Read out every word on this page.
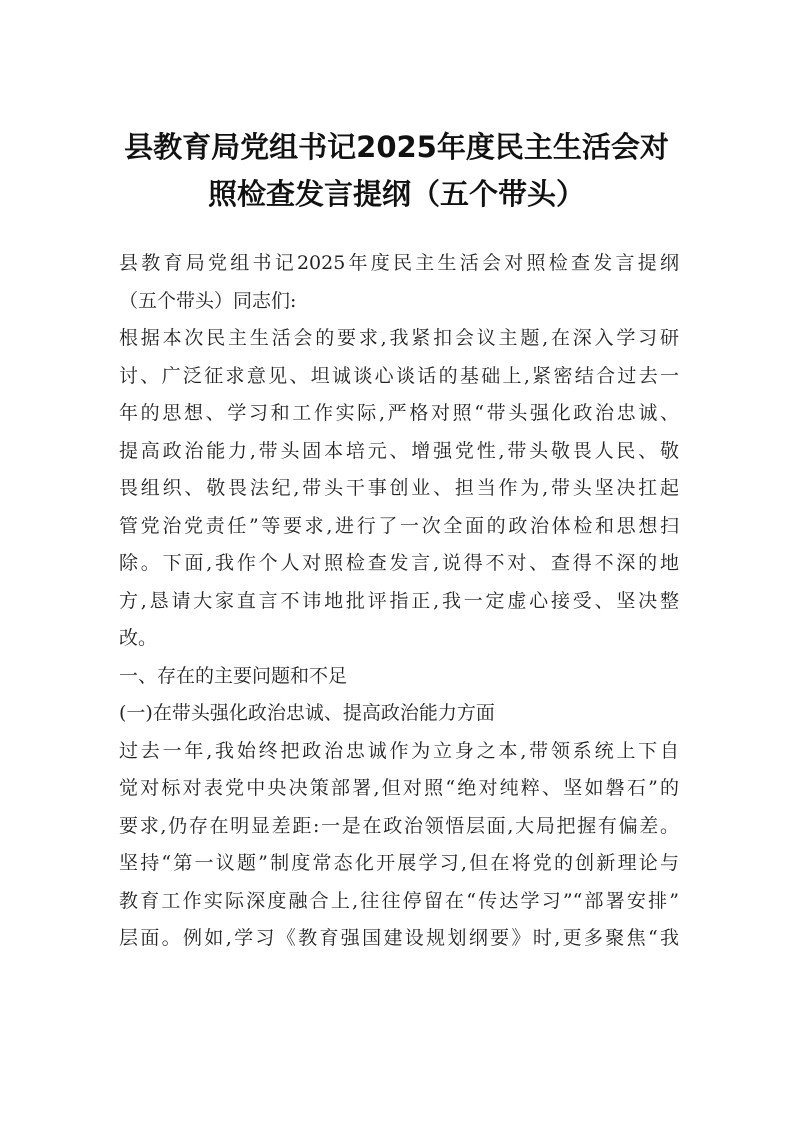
县教育局党组书记2025年度民主生活会对
照检查发言提纲（五个带头）
县教育局党组书记2025年度民主生活会对照检查发言提纲
（五个带头）同志们:
根据本次民主生活会的要求,我紧扣会议主题,在深入学习研
讨、广泛征求意见、坦诚谈心谈话的基础上,紧密结合过去一
年的思想、学习和工作实际,严格对照“带头强化政治忠诚、
提高政治能力,带头固本培元、增强党性,带头敬畏人民、敬
畏组织、敬畏法纪,带头干事创业、担当作为,带头坚决扛起
管党治党责任”等要求,进行了一次全面的政治体检和思想扫
除。下面,我作个人对照检查发言,说得不对、查得不深的地
方,恳请大家直言不讳地批评指正,我一定虚心接受、坚决整
改。
一、存在的主要问题和不足
(一)在带头强化政治忠诚、提高政治能力方面
过去一年,我始终把政治忠诚作为立身之本,带领系统上下自
觉对标对表党中央决策部署,但对照“绝对纯粹、坚如磐石”的
要求,仍存在明显差距:一是在政治领悟层面,大局把握有偏差。
坚持“第一议题”制度常态化开展学习,但在将党的创新理论与
教育工作实际深度融合上,往往停留在“传达学习”“部署安排”
层面。例如,学习《教育强国建设规划纲要》时,更多聚焦“我
